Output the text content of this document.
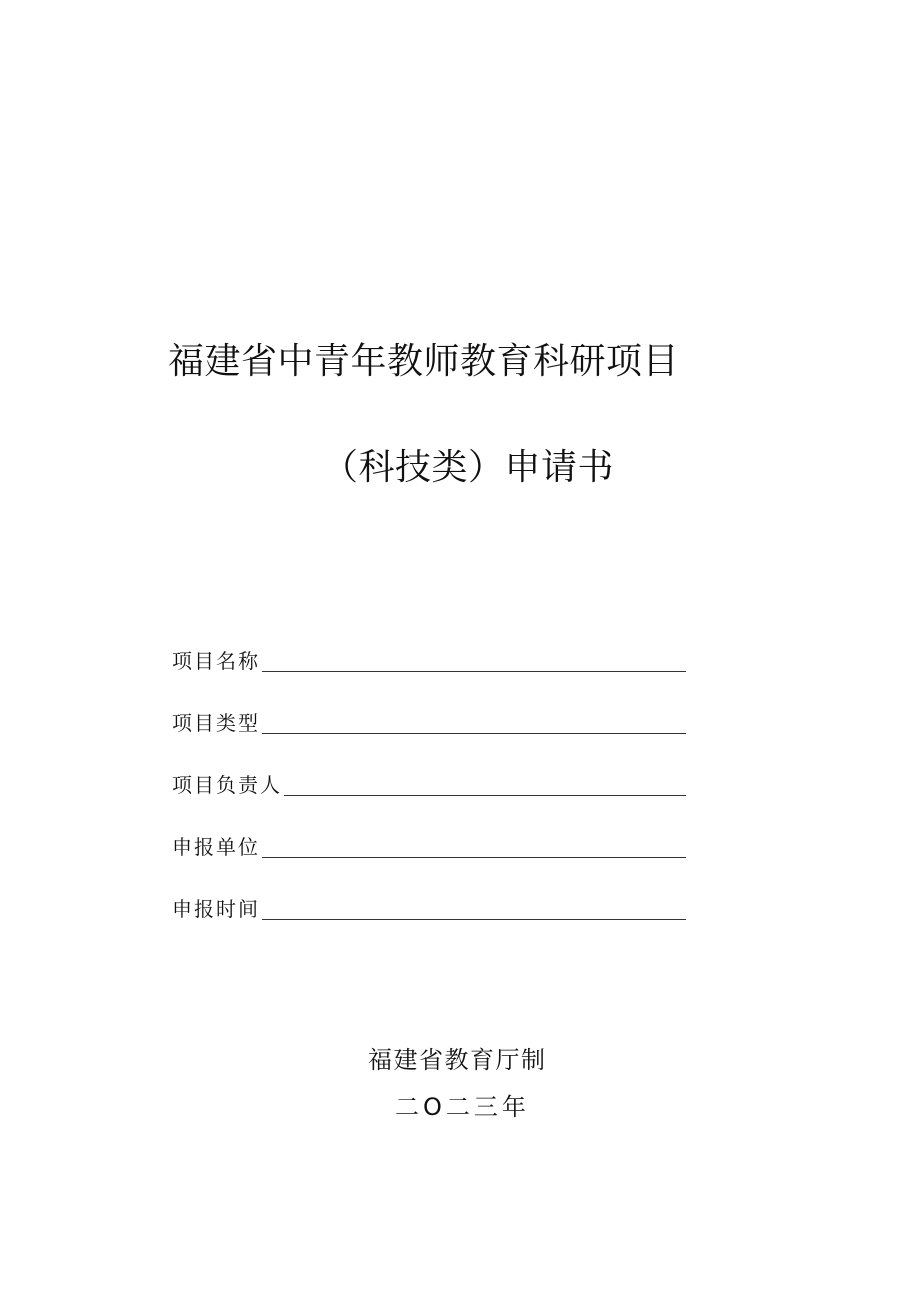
福建省中青年教师教育科研项目
（科技类）申请书
项目名称
项目类型
项目负责人
申报单位
申报时间
福建省教育厅制
二O二三年
